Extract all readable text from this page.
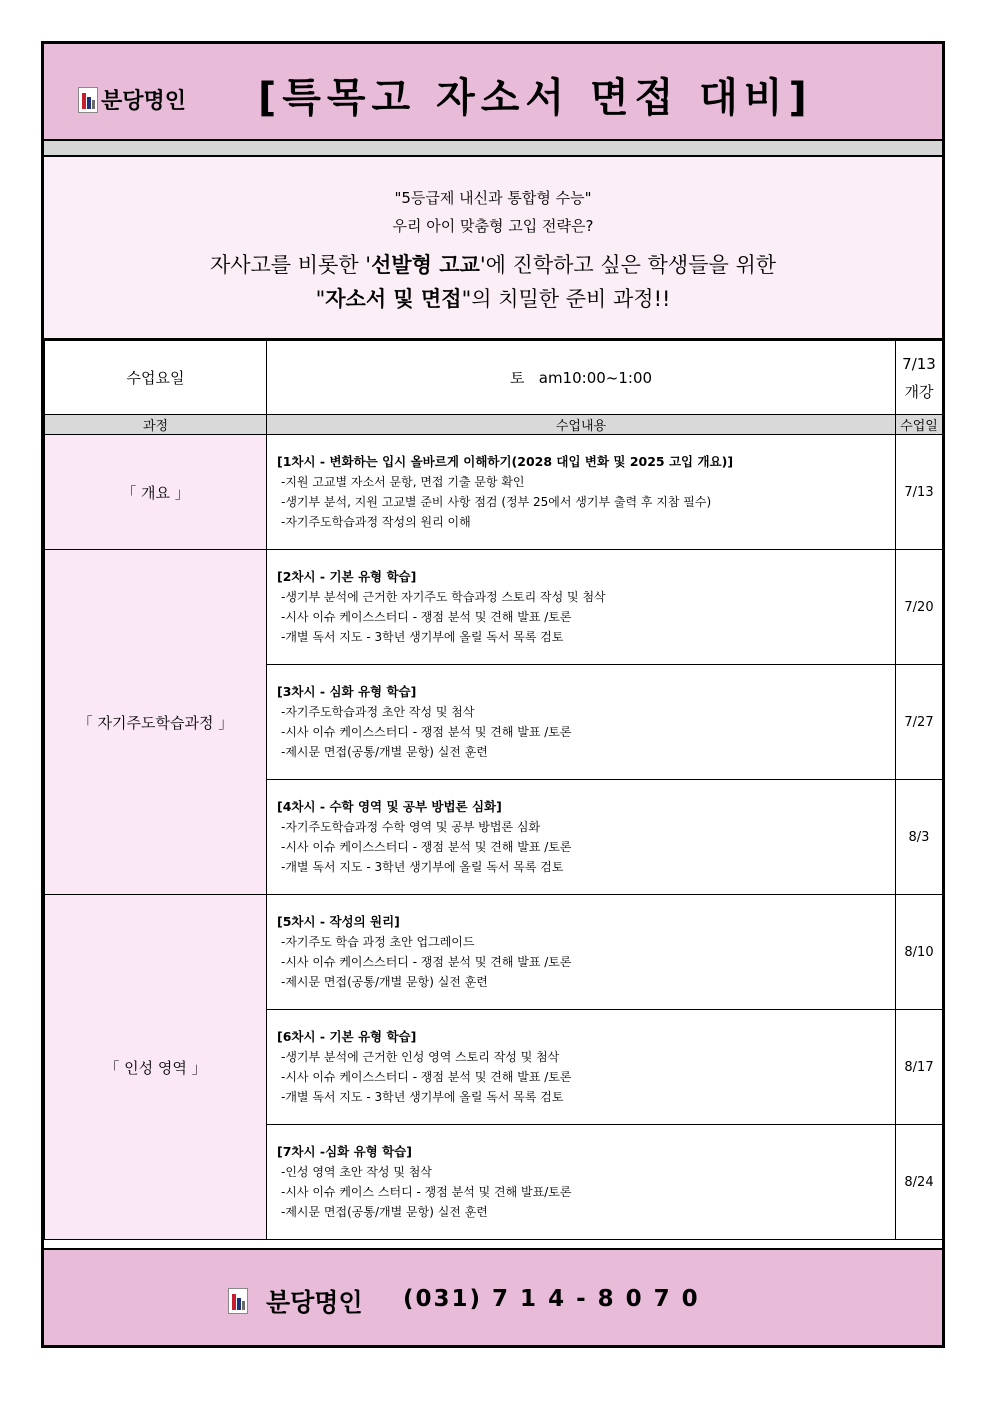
분당명인 [특목고 자소서 면접 대비]
"5등급제 내신과 통합형 수능"
우리 아이 맞춤형 고입 전략은?
자사고를 비롯한 '선발형 고교'에 진학하고 싶은 학생들을 위한
"자소서 및 면접"의 치밀한 준비 과정!!
수업요일	토   am10:00~1:00	7/13
개강

과정	수업내용	수업일
「 개요 」	[1차시 - 변화하는 입시 올바르게 이해하기(2028 대입 변화 및 2025 고입 개요)]
-지원 고교별 자소서 문항, 면접 기출 문항 확인
-생기부 분석, 지원 고교별 준비 사항 점검 (정부 25에서 생기부 출력 후 지참 필수)
-자기주도학습과정 작성의 원리 이해	7/13
「 자기주도학습과정 」	[2차시 - 기본 유형 학습]
-생기부 분석에 근거한 자기주도 학습과정 스토리 작성 및 첨삭
-시사 이슈 케이스스터디 - 쟁점 분석 및 견해 발표 /토론
-개별 독서 지도 - 3학년 생기부에 올릴 독서 목록 검토	7/20

	[3차시 - 심화 유형 학습]
-자기주도학습과정 초안 작성 및 첨삭
-시사 이슈 케이스스터디 - 쟁점 분석 및 견해 발표 /토론
-제시문 면접(공통/개별 문항) 실전 훈련	7/27

	[4차시 - 수학 영역 및 공부 방법론 심화]
-자기주도학습과정 수학 영역 및 공부 방법론 심화
-시사 이슈 케이스스터디 - 쟁점 분석 및 견해 발표 /토론
-개별 독서 지도 - 3학년 생기부에 올릴 독서 목록 검토	8/3
「 인성 영역 」	[5차시 - 작성의 원리]
-자기주도 학습 과정 초안 업그레이드
-시사 이슈 케이스스터디 - 쟁점 분석 및 견해 발표 /토론
-제시문 면접(공통/개별 문항) 실전 훈련	8/10

	[6차시 - 기본 유형 학습]
-생기부 분석에 근거한 인성 영역 스토리 작성 및 첨삭
-시사 이슈 케이스스터디 - 쟁점 분석 및 견해 발표 /토론
-개별 독서 지도 - 3학년 생기부에 올릴 독서 목록 검토	8/17

	[7차시 -심화 유형 학습]
-인성 영역 초안 작성 및 첨삭
-시사 이슈 케이스 스터디 - 쟁점 분석 및 견해 발표/토론
-제시문 면접(공통/개별 문항) 실전 훈련	8/24
분당명인 (031) 7 1 4 - 8 0 7 0
